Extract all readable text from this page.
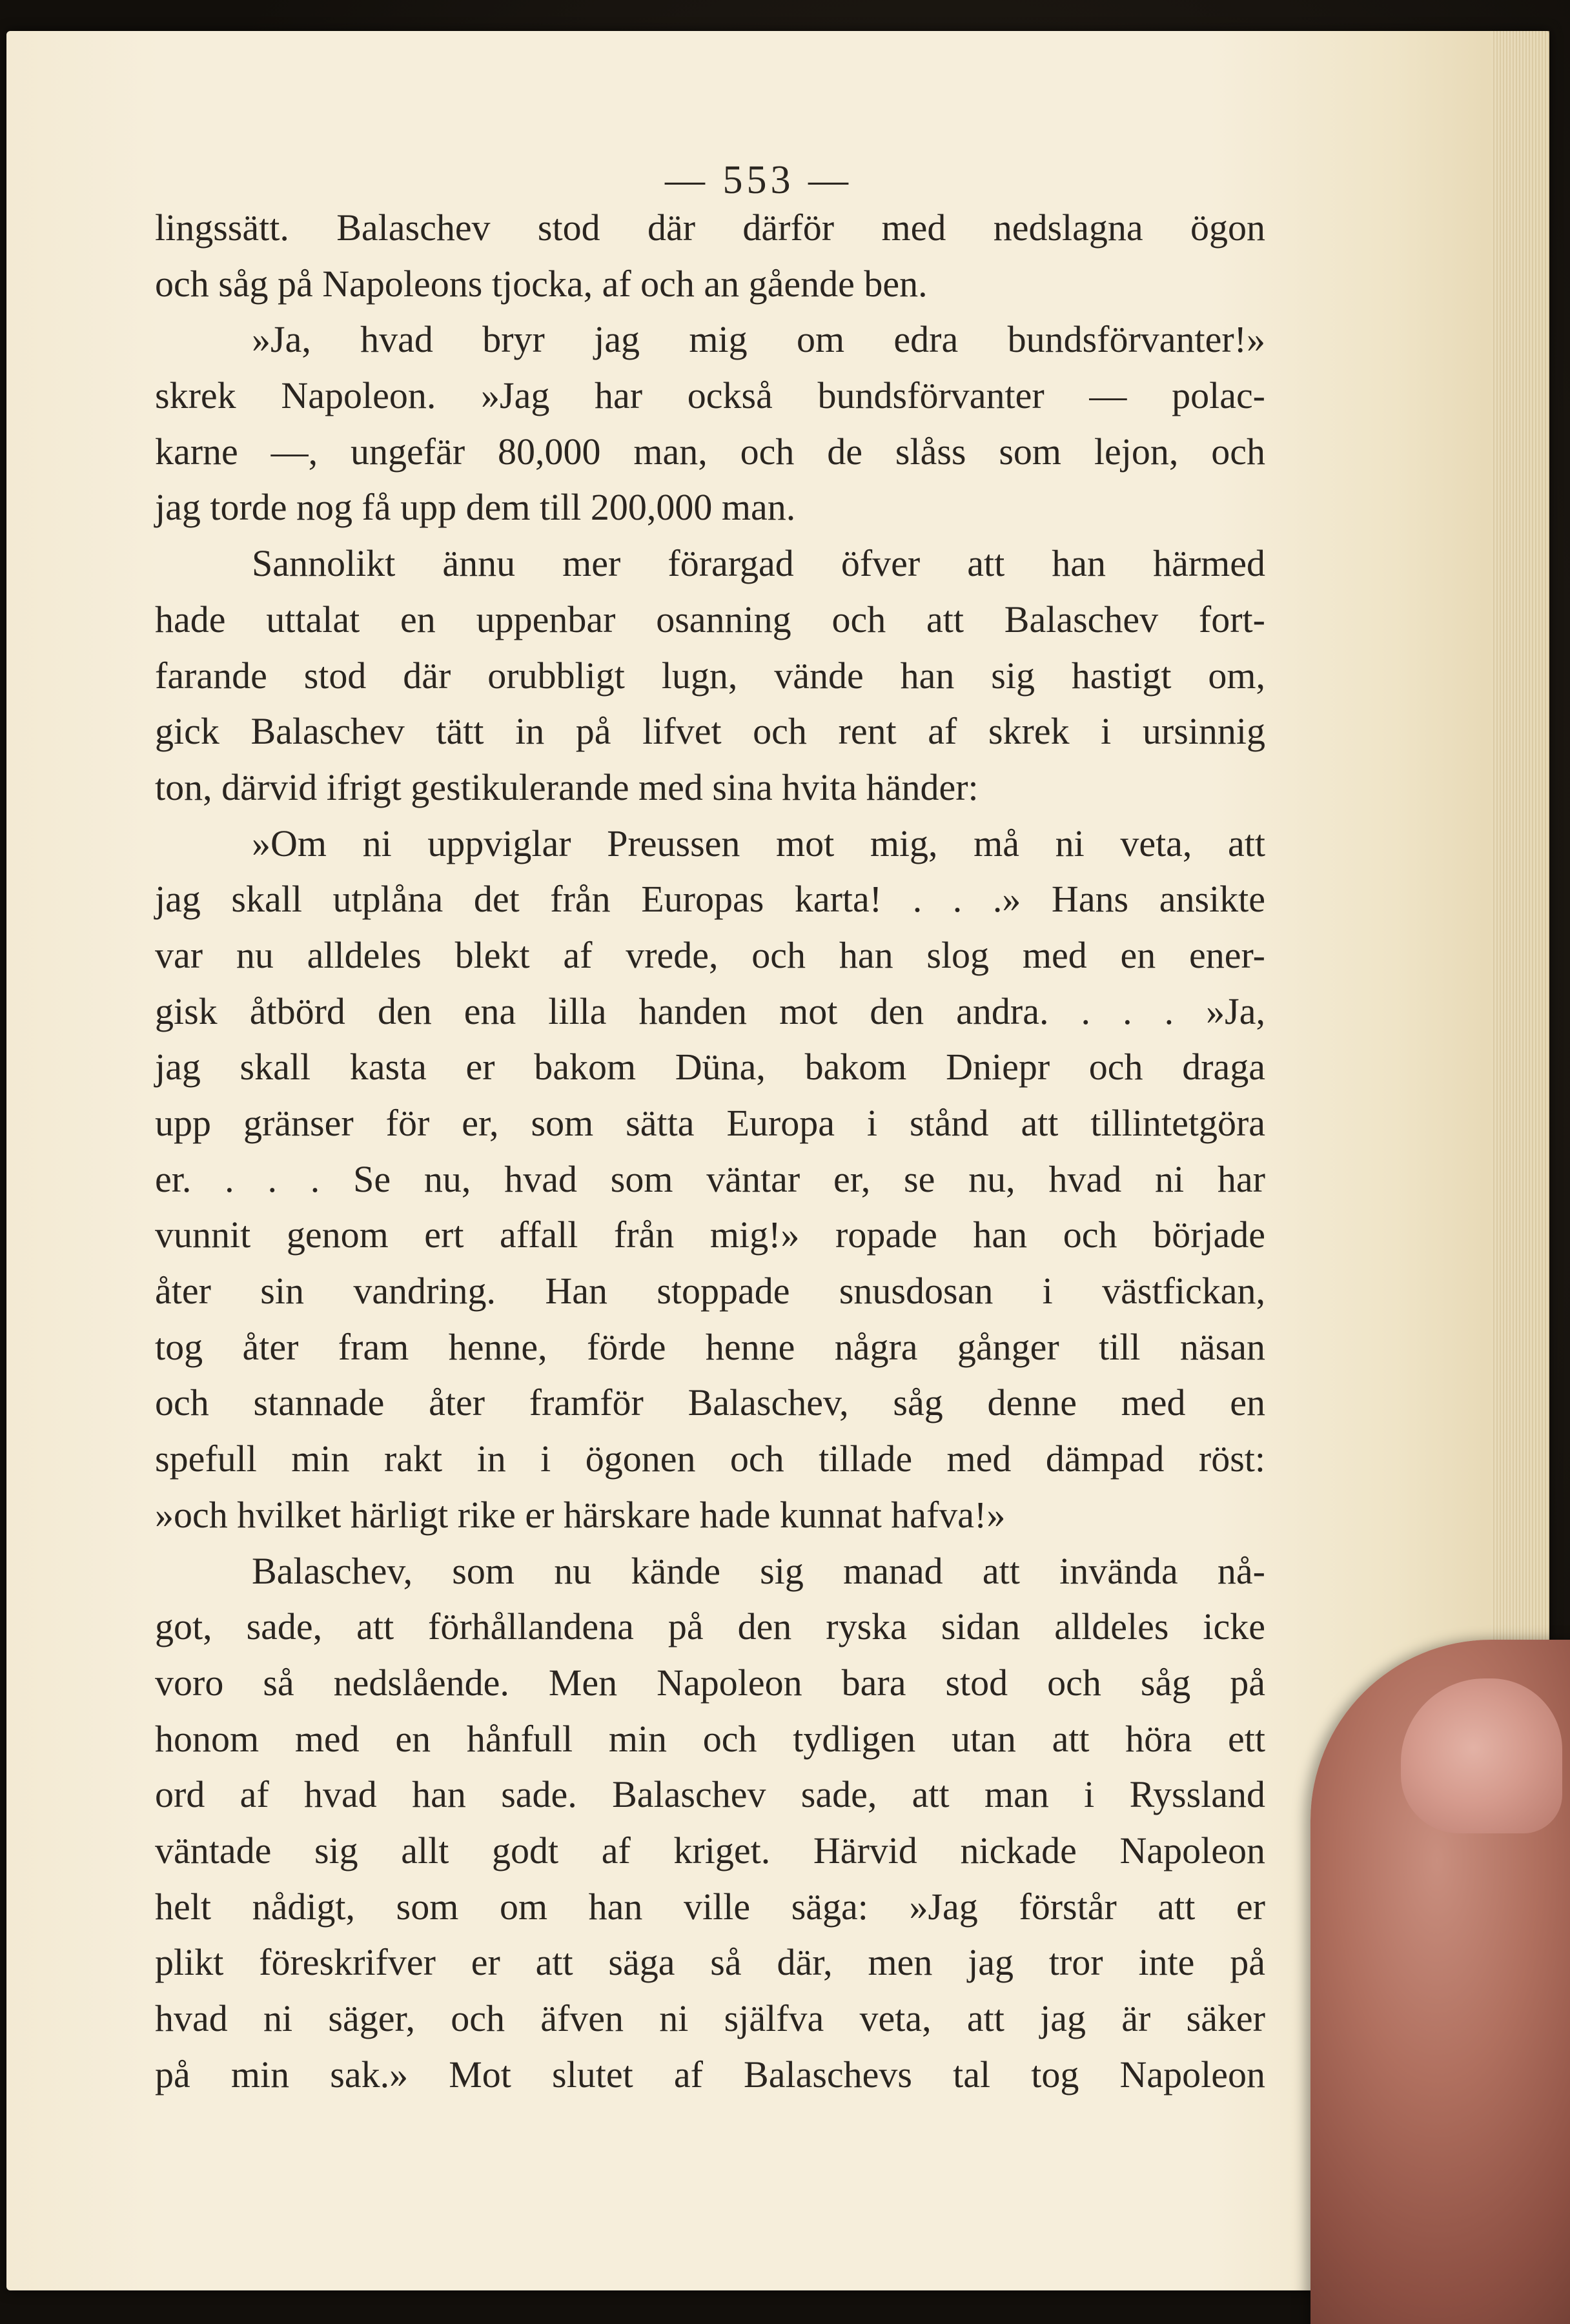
— 553 —
lingssätt. Balaschev stod där därför med nedslagna ögon
och såg på Napoleons tjocka, af och an gående ben.
»Ja, hvad bryr jag mig om edra bundsförvanter!»
skrek Napoleon. »Jag har också bundsförvanter — polac-
karne —, ungefär 80,000 man, och de slåss som lejon, och
jag torde nog få upp dem till 200,000 man.
Sannolikt ännu mer förargad öfver att han härmed
hade uttalat en uppenbar osanning och att Balaschev fort-
farande stod där orubbligt lugn, vände han sig hastigt om,
gick Balaschev tätt in på lifvet och rent af skrek i ursinnig
ton, därvid ifrigt gestikulerande med sina hvita händer:
»Om ni uppviglar Preussen mot mig, må ni veta, att
jag skall utplåna det från Europas karta! . . .» Hans ansikte
var nu alldeles blekt af vrede, och han slog med en ener-
gisk åtbörd den ena lilla handen mot den andra. . . . »Ja,
jag skall kasta er bakom Düna, bakom Dniepr och draga
upp gränser för er, som sätta Europa i stånd att tillintetgöra
er. . . . Se nu, hvad som väntar er, se nu, hvad ni har
vunnit genom ert affall från mig!» ropade han och började
åter sin vandring. Han stoppade snusdosan i västfickan,
tog åter fram henne, förde henne några gånger till näsan
och stannade åter framför Balaschev, såg denne med en
spefull min rakt in i ögonen och tillade med dämpad röst:
»och hvilket härligt rike er härskare hade kunnat hafva!»
Balaschev, som nu kände sig manad att invända nå-
got, sade, att förhållandena på den ryska sidan alldeles icke
voro så nedslående. Men Napoleon bara stod och såg på
honom med en hånfull min och tydligen utan att höra ett
ord af hvad han sade. Balaschev sade, att man i Ryssland
väntade sig allt godt af kriget. Härvid nickade Napoleon
helt nådigt, som om han ville säga: »Jag förstår att er
plikt föreskrifver er att säga så där, men jag tror inte på
hvad ni säger, och äfven ni själfva veta, att jag är säker
på min sak.» Mot slutet af Balaschevs tal tog Napoleon
